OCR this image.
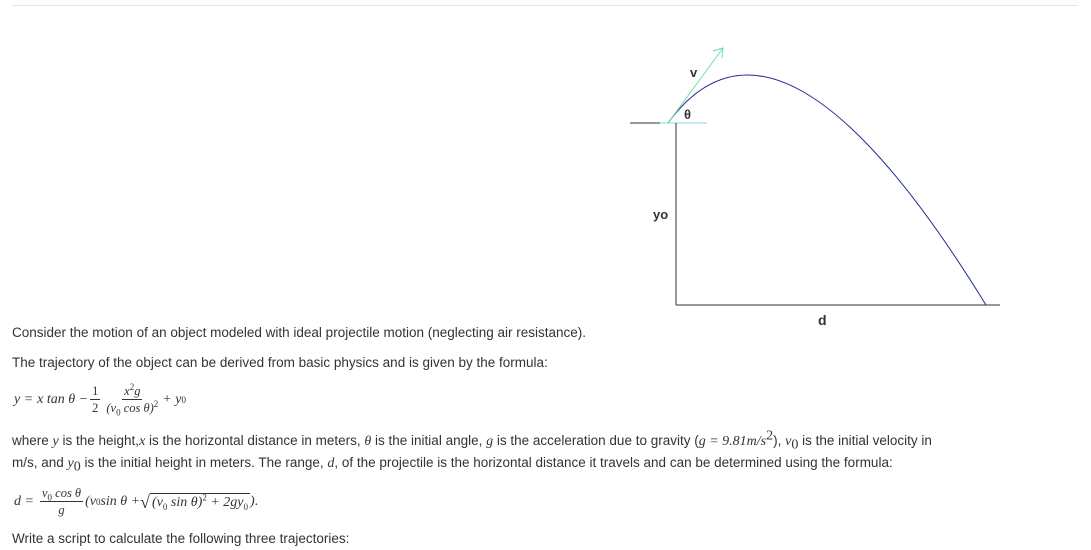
v
θ
yo
d

Consider the motion of an object modeled with ideal projectile motion (neglecting air resistance).

The trajectory of the object can be derived from basic physics and is given by the formula:

y = x $\tan \theta - \frac{1}{2} \frac{x^2g}{(v_0 \cos \theta)^2} + y$ 0

where y is the height,x is the horizontal distance in meters, θ is the initial angle, g is the acceleration due to gravity $(g = 9.81m/s^2)$, $v_0$ is the initial velocity in

m/s, and $y_0$ is the initial height in meters. The range, d, of the projectile is the horizontal distance it travels and can be determined using the formula:

$d = \frac{v_0 \cos \theta}{g} (v$ 0 sin θ + √ ($v_0$ $\sin \theta)^2 + 2gy_0$ ) .

Write a script to calculate the following three trajectories:
